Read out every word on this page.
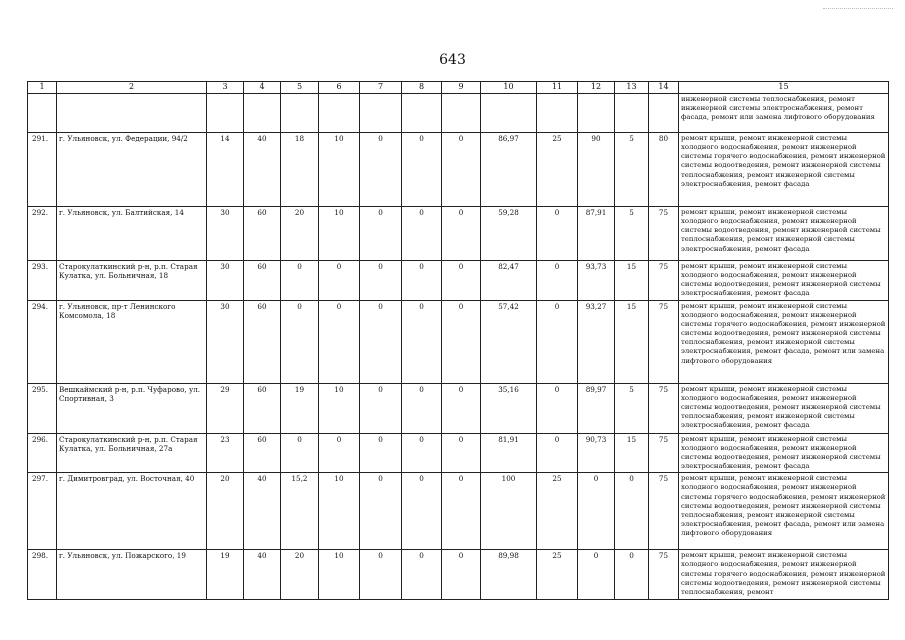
643
1	2	3	4	5	6	7	8	9	10	11	12	13	14	15
														инженерной системы теплоснабжения, ремонт инженерной системы электроснабжения, ремонт фасада, ремонт или замена лифтового оборудования
291.	г. Ульяновск, ул. Федерации, 94/2	14	40	18	10	0	0	0	86,97	25	90	5	80	ремонт крыши, ремонт инженерной системы холодного водоснабжения, ремонт инженерной системы горячего водоснабжения, ремонт инженерной системы водоотведения, ремонт инженерной системы теплоснабжения, ремонт инженерной системы электроснабжения, ремонт фасада
292.	г. Ульяновск, ул. Балтийская, 14	30	60	20	10	0	0	0	59,28	0	87,91	5	75	ремонт крыши, ремонт инженерной системы холодного водоснабжения, ремонт инженерной системы водоотведения, ремонт инженерной системы теплоснабжения, ремонт инженерной системы электроснабжения, ремонт фасада
293.	Старокулаткинский р-н, р.п. Старая Кулатка, ул. Больничная, 18	30	60	0	0	0	0	0	82,47	0	93,73	15	75	ремонт крыши, ремонт инженерной системы холодного водоснабжения, ремонт инженерной системы водоотведения, ремонт инженерной системы электроснабжения, ремонт фасада
294.	г. Ульяновск, пр-т Ленинского Комсомола, 18	30	60	0	0	0	0	0	57,42	0	93,27	15	75	ремонт крыши, ремонт инженерной системы холодного водоснабжения, ремонт инженерной системы горячего водоснабжения, ремонт инженерной системы водоотведения, ремонт инженерной системы теплоснабжения, ремонт инженерной системы электроснабжения, ремонт фасада, ремонт или замена лифтового оборудования
295.	Вешкаймский р-н, р.п. Чуфарово, ул. Спортивная, 3	29	60	19	10	0	0	0	35,16	0	89,97	5	75	ремонт крыши, ремонт инженерной системы холодного водоснабжения, ремонт инженерной системы водоотведения, ремонт инженерной системы теплоснабжения, ремонт инженерной системы электроснабжения, ремонт фасада
296.	Старокулаткинский р-н, р.п. Старая Кулатка, ул. Больничная, 27а	23	60	0	0	0	0	0	81,91	0	90,73	15	75	ремонт крыши, ремонт инженерной системы холодного водоснабжения, ремонт инженерной системы водоотведения, ремонт инженерной системы электроснабжения, ремонт фасада
297.	г. Димитровград, ул. Восточная, 40	20	40	15,2	10	0	0	0	100	25	0	0	75	ремонт крыши, ремонт инженерной системы холодного водоснабжения, ремонт инженерной системы горячего водоснабжения, ремонт инженерной системы водоотведения, ремонт инженерной системы теплоснабжения, ремонт инженерной системы электроснабжения, ремонт фасада, ремонт или замена лифтового оборудования
298.	г. Ульяновск, ул. Пожарского, 19	19	40	20	10	0	0	0	89,98	25	0	0	75	ремонт крыши, ремонт инженерной системы холодного водоснабжения, ремонт инженерной системы горячего водоснабжения, ремонт инженерной системы водоотведения, ремонт инженерной системы теплоснабжения, ремонт
